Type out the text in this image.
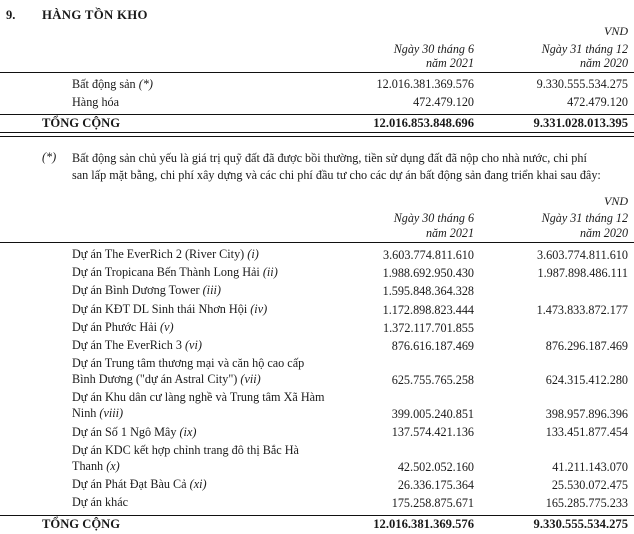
9.	HÀNG TỒN KHO
		VND

Ngày 30 tháng 6
năm 2021

Ngày 31 tháng 12
năm 2020

Bất động sản (*)	12.016.381.369.576	9.330.555.534.275
Hàng hóa	472.479.120	472.479.120

TỔNG CỘNG	12.016.853.848.696	9.331.028.013.395

(*)	Bất động sản chủ yếu là giá trị quỹ đất đã được bồi thường, tiền sử dụng đất đã nộp cho nhà nước, chi phí san lấp mặt bằng, chi phí xây dựng và các chi phí đầu tư cho các dự án bất động sản đang triển khai sau đây:
		VND

Ngày 30 tháng 6
năm 2021

Ngày 31 tháng 12
năm 2020

Dự án The EverRich 2 (River City) (i)	3.603.774.811.610	3.603.774.811.610
Dự án Tropicana Bến Thành Long Hải (ii)	1.988.692.950.430	1.987.898.486.111
Dự án Bình Dương Tower (iii)	1.595.848.364.328	
Dự án KĐT DL Sinh thái Nhơn Hội (iv)	1.172.898.823.444	1.473.833.872.177
Dự án Phước Hải (v)	1.372.117.701.855	
Dự án The EverRich 3 (vi)	876.616.187.469	876.296.187.469
Dự án Trung tâm thương mại và căn hộ cao cấp Bình Dương ("dự án Astral City") (vii)	625.755.765.258	624.315.412.280
Dự án Khu dân cư làng nghề và Trung tâm Xã Hàm Ninh (viii)	399.005.240.851	398.957.896.396
Dự án Số 1 Ngô Mây (ix)	137.574.421.136	133.451.877.454
Dự án KDC kết hợp chỉnh trang đô thị Bắc Hà Thanh (x)	42.502.052.160	41.211.143.070
Dự án Phát Đạt Bàu Cả (xi)	26.336.175.364	25.530.072.475
Dự án khác	175.258.875.671	165.285.775.233

TỔNG CỘNG	12.016.381.369.576	9.330.555.534.275
